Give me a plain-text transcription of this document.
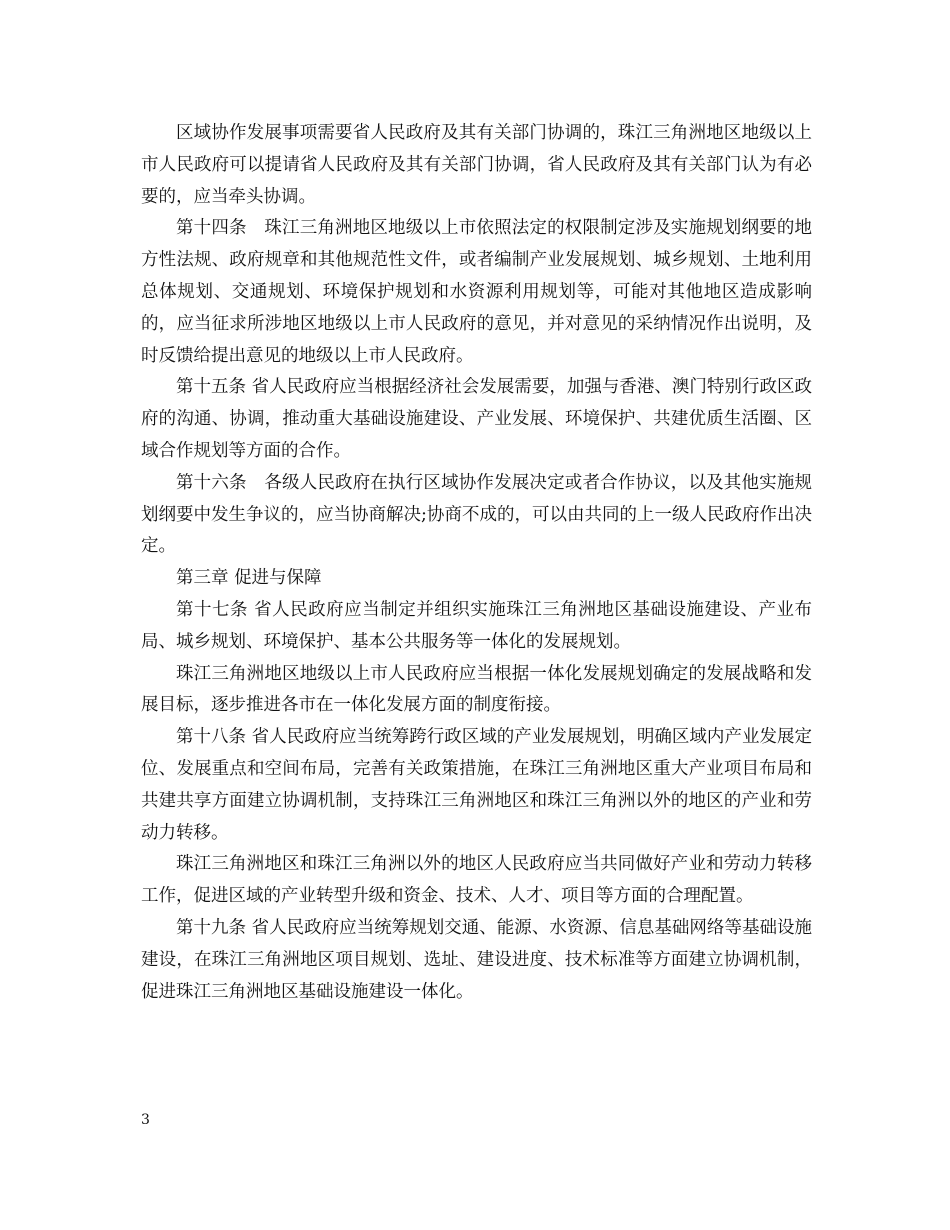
区域协作发展事项需要省人民政府及其有关部门协调的，珠江三角洲地区地级以上市人民政府可以提请省人民政府及其有关部门协调，省人民政府及其有关部门认为有必要的，应当牵头协调。

第十四条　珠江三角洲地区地级以上市依照法定的权限制定涉及实施规划纲要的地方性法规、政府规章和其他规范性文件，或者编制产业发展规划、城乡规划、土地利用总体规划、交通规划、环境保护规划和水资源利用规划等，可能对其他地区造成影响的，应当征求所涉地区地级以上市人民政府的意见，并对意见的采纳情况作出说明，及时反馈给提出意见的地级以上市人民政府。

第十五条 省人民政府应当根据经济社会发展需要，加强与香港、澳门特别行政区政府的沟通、协调，推动重大基础设施建设、产业发展、环境保护、共建优质生活圈、区域合作规划等方面的合作。

第十六条　各级人民政府在执行区域协作发展决定或者合作协议，以及其他实施规划纲要中发生争议的，应当协商解决;协商不成的，可以由共同的上一级人民政府作出决定。

第三章 促进与保障

第十七条 省人民政府应当制定并组织实施珠江三角洲地区基础设施建设、产业布局、城乡规划、环境保护、基本公共服务等一体化的发展规划。

珠江三角洲地区地级以上市人民政府应当根据一体化发展规划确定的发展战略和发展目标，逐步推进各市在一体化发展方面的制度衔接。

第十八条 省人民政府应当统筹跨行政区域的产业发展规划，明确区域内产业发展定位、发展重点和空间布局，完善有关政策措施，在珠江三角洲地区重大产业项目布局和共建共享方面建立协调机制，支持珠江三角洲地区和珠江三角洲以外的地区的产业和劳动力转移。

珠江三角洲地区和珠江三角洲以外的地区人民政府应当共同做好产业和劳动力转移工作，促进区域的产业转型升级和资金、技术、人才、项目等方面的合理配置。

第十九条 省人民政府应当统筹规划交通、能源、水资源、信息基础网络等基础设施建设，在珠江三角洲地区项目规划、选址、建设进度、技术标准等方面建立协调机制，促进珠江三角洲地区基础设施建设一体化。

3
